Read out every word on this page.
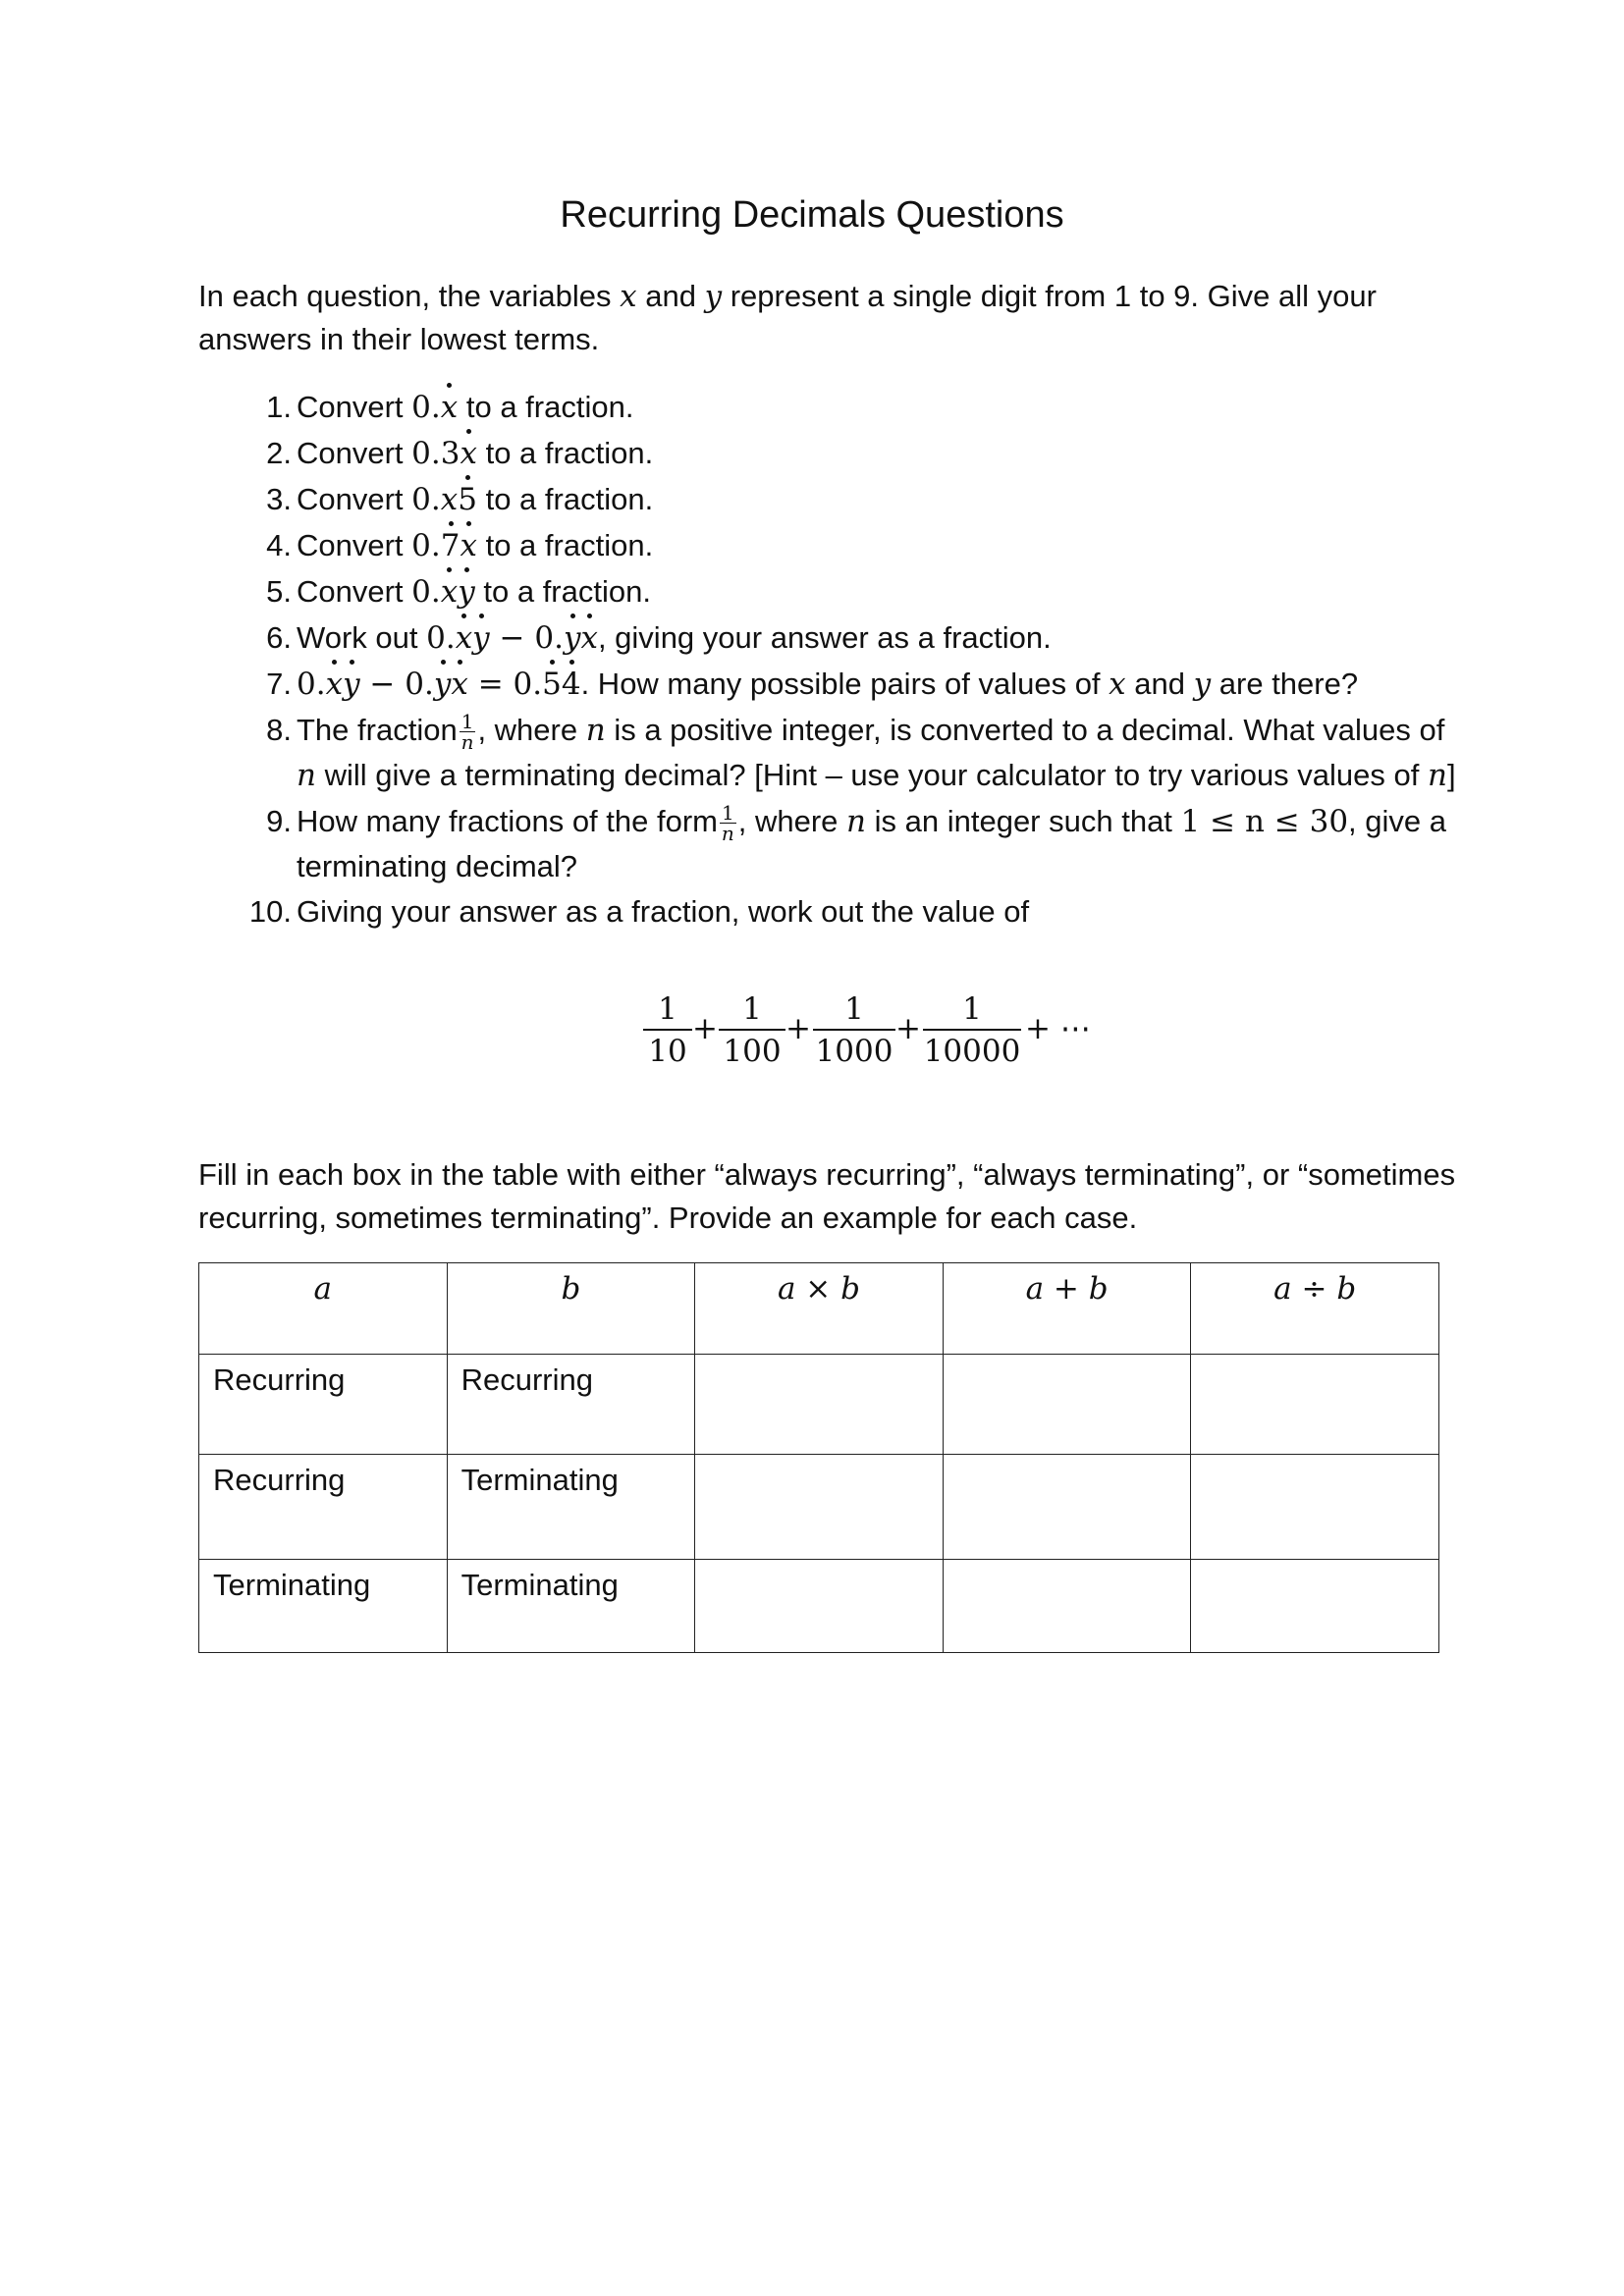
Recurring Decimals Questions
In each question, the variables x and y represent a single digit from 1 to 9. Give all your answers in their lowest terms.
1. Convert 0.x to a fraction.
2. Convert 0.3x to a fraction.
3. Convert 0.x5 to a fraction.
4. Convert 0.7x to a fraction.
5. Convert 0.xy to a fraction.
6. Work out 0.xy − 0.yx, giving your answer as a fraction.
7. 0.xy − 0.yx = 0.54. How many possible pairs of values of x and y are there?
8. The fraction $\frac{1}{n}$ , where n is a positive integer, is converted to a decimal. What values of n will give a terminating decimal? [Hint – use your calculator to try various values of n]
9. How many fractions of the form $\frac{1}{n}$ , where n is an integer such that 1 ≤ n ≤ 30, give a terminating decimal?
10. Giving your answer as a fraction, work out the value of
$\frac{1}{10} + \frac{1}{100} + \frac{1}{1000} + \frac{1}{10000}$ + ⋯
Fill in each box in the table with either “always recurring”, “always terminating”, or “sometimes recurring, sometimes terminating”. Provide an example for each case.
a	b	a × b	a + b	a ÷ b
Recurring	Recurring			
Recurring	Terminating			
Terminating	Terminating			
